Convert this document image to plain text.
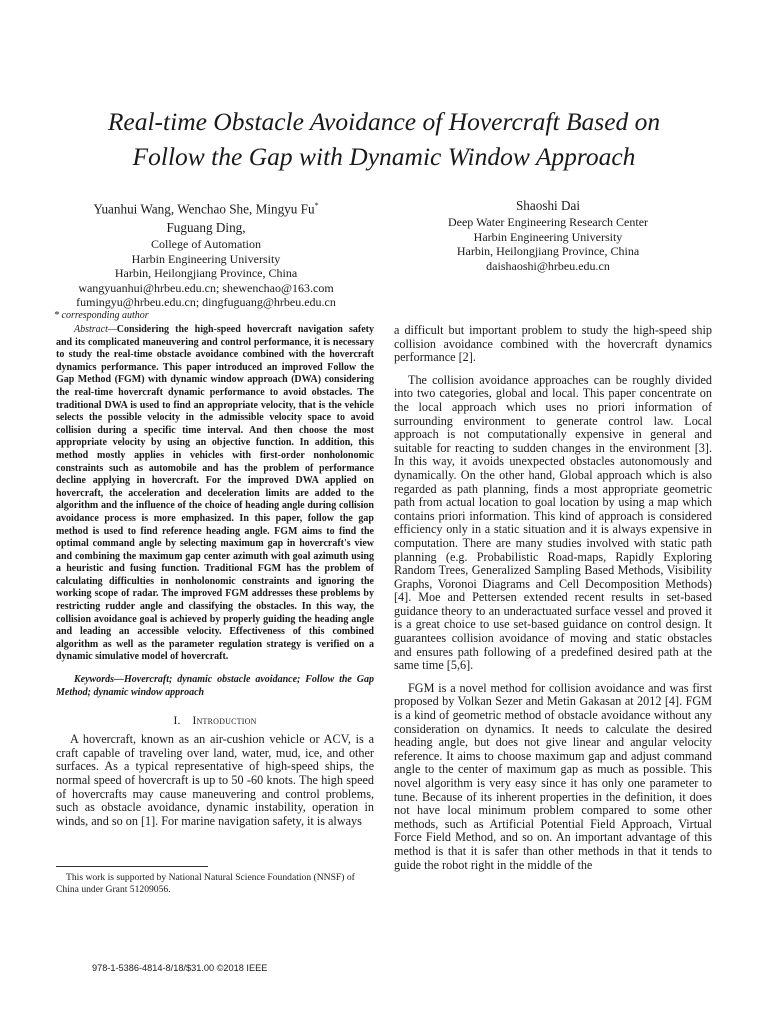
Real-time Obstacle Avoidance of Hovercraft Based on
Follow the Gap with Dynamic Window Approach
Yuanhui Wang, Wenchao She, Mingyu Fu*
Fuguang Ding,
College of Automation
Harbin Engineering University
Harbin, Heilongjiang Province, China
wangyuanhui@hrbeu.edu.cn; shewenchao@163.com
fumingyu@hrbeu.edu.cn; dingfuguang@hrbeu.edu.cn
* corresponding author
Shaoshi Dai
Deep Water Engineering Research Center
Harbin Engineering University
Harbin, Heilongjiang Province, China
daishaoshi@hrbeu.edu.cn

Abstract—Considering the high-speed hovercraft navigation safety and its complicated maneuvering and control performance, it is necessary to study the real-time obstacle avoidance combined with the hovercraft dynamics performance. This paper introduced an improved Follow the Gap Method (FGM) with dynamic window approach (DWA) considering the real-time hovercraft dynamic performance to avoid obstacles. The traditional DWA is used to find an appropriate velocity, that is the vehicle selects the possible velocity in the admissible velocity space to avoid collision during a specific time interval. And then choose the most appropriate velocity by using an objective function. In addition, this method mostly applies in vehicles with first-order nonholonomic constraints such as automobile and has the problem of performance decline applying in hovercraft. For the improved DWA applied on hovercraft, the acceleration and deceleration limits are added to the algorithm and the influence of the choice of heading angle during collision avoidance process is more emphasized. In this paper, follow the gap method is used to find reference heading angle. FGM aims to find the optimal command angle by selecting maximum gap in hovercraft's view and combining the maximum gap center azimuth with goal azimuth using a heuristic and fusing function. Traditional FGM has the problem of calculating difficulties in nonholonomic constraints and ignoring the working scope of radar. The improved FGM addresses these problems by restricting rudder angle and classifying the obstacles. In this way, the collision avoidance goal is achieved by properly guiding the heading angle and leading an accessible velocity. Effectiveness of this combined algorithm as well as the parameter regulation strategy is verified on a dynamic simulative model of hovercraft.

Keywords—Hovercraft; dynamic obstacle avoidance; Follow the Gap Method; dynamic window approach

I. Introduction

A hovercraft, known as an air-cushion vehicle or ACV, is a craft capable of traveling over land, water, mud, ice, and other surfaces. As a typical representative of high-speed ships, the normal speed of hovercraft is up to 50 -60 knots. The high speed of hovercrafts may cause maneuvering and control problems, such as obstacle avoidance, dynamic instability, operation in winds, and so on [1]. For marine navigation safety, it is always

a difficult but important problem to study the high-speed ship collision avoidance combined with the hovercraft dynamics performance [2].

The collision avoidance approaches can be roughly divided into two categories, global and local. This paper concentrate on the local approach which uses no priori information of surrounding environment to generate control law. Local approach is not computationally expensive in general and suitable for reacting to sudden changes in the environment [3]. In this way, it avoids unexpected obstacles autonomously and dynamically. On the other hand, Global approach which is also regarded as path planning, finds a most appropriate geometric path from actual location to goal location by using a map which contains priori information. This kind of approach is considered efficiency only in a static situation and it is always expensive in computation. There are many studies involved with static path planning (e.g. Probabilistic Road-maps, Rapidly Exploring Random Trees, Generalized Sampling Based Methods, Visibility Graphs, Voronoi Diagrams and Cell Decomposition Methods) [4]. Moe and Pettersen extended recent results in set-based guidance theory to an underactuated surface vessel and proved it is a great choice to use set-based guidance on control design. It guarantees collision avoidance of moving and static obstacles and ensures path following of a predefined desired path at the same time [5,6].

FGM is a novel method for collision avoidance and was first proposed by Volkan Sezer and Metin Gakasan at 2012 [4]. FGM is a kind of geometric method of obstacle avoidance without any consideration on dynamics. It needs to calculate the desired heading angle, but does not give linear and angular velocity reference. It aims to choose maximum gap and adjust command angle to the center of maximum gap as much as possible. This novel algorithm is very easy since it has only one parameter to tune. Because of its inherent properties in the definition, it does not have local minimum problem compared to some other methods, such as Artificial Potential Field Approach, Virtual Force Field Method, and so on. An important advantage of this method is that it is safer than other methods in that it tends to guide the robot right in the middle of the

This work is supported by National Natural Science Foundation (NNSF) of China under Grant 51209056.
978-1-5386-4814-8/18/$31.00 ©2018 IEEE
